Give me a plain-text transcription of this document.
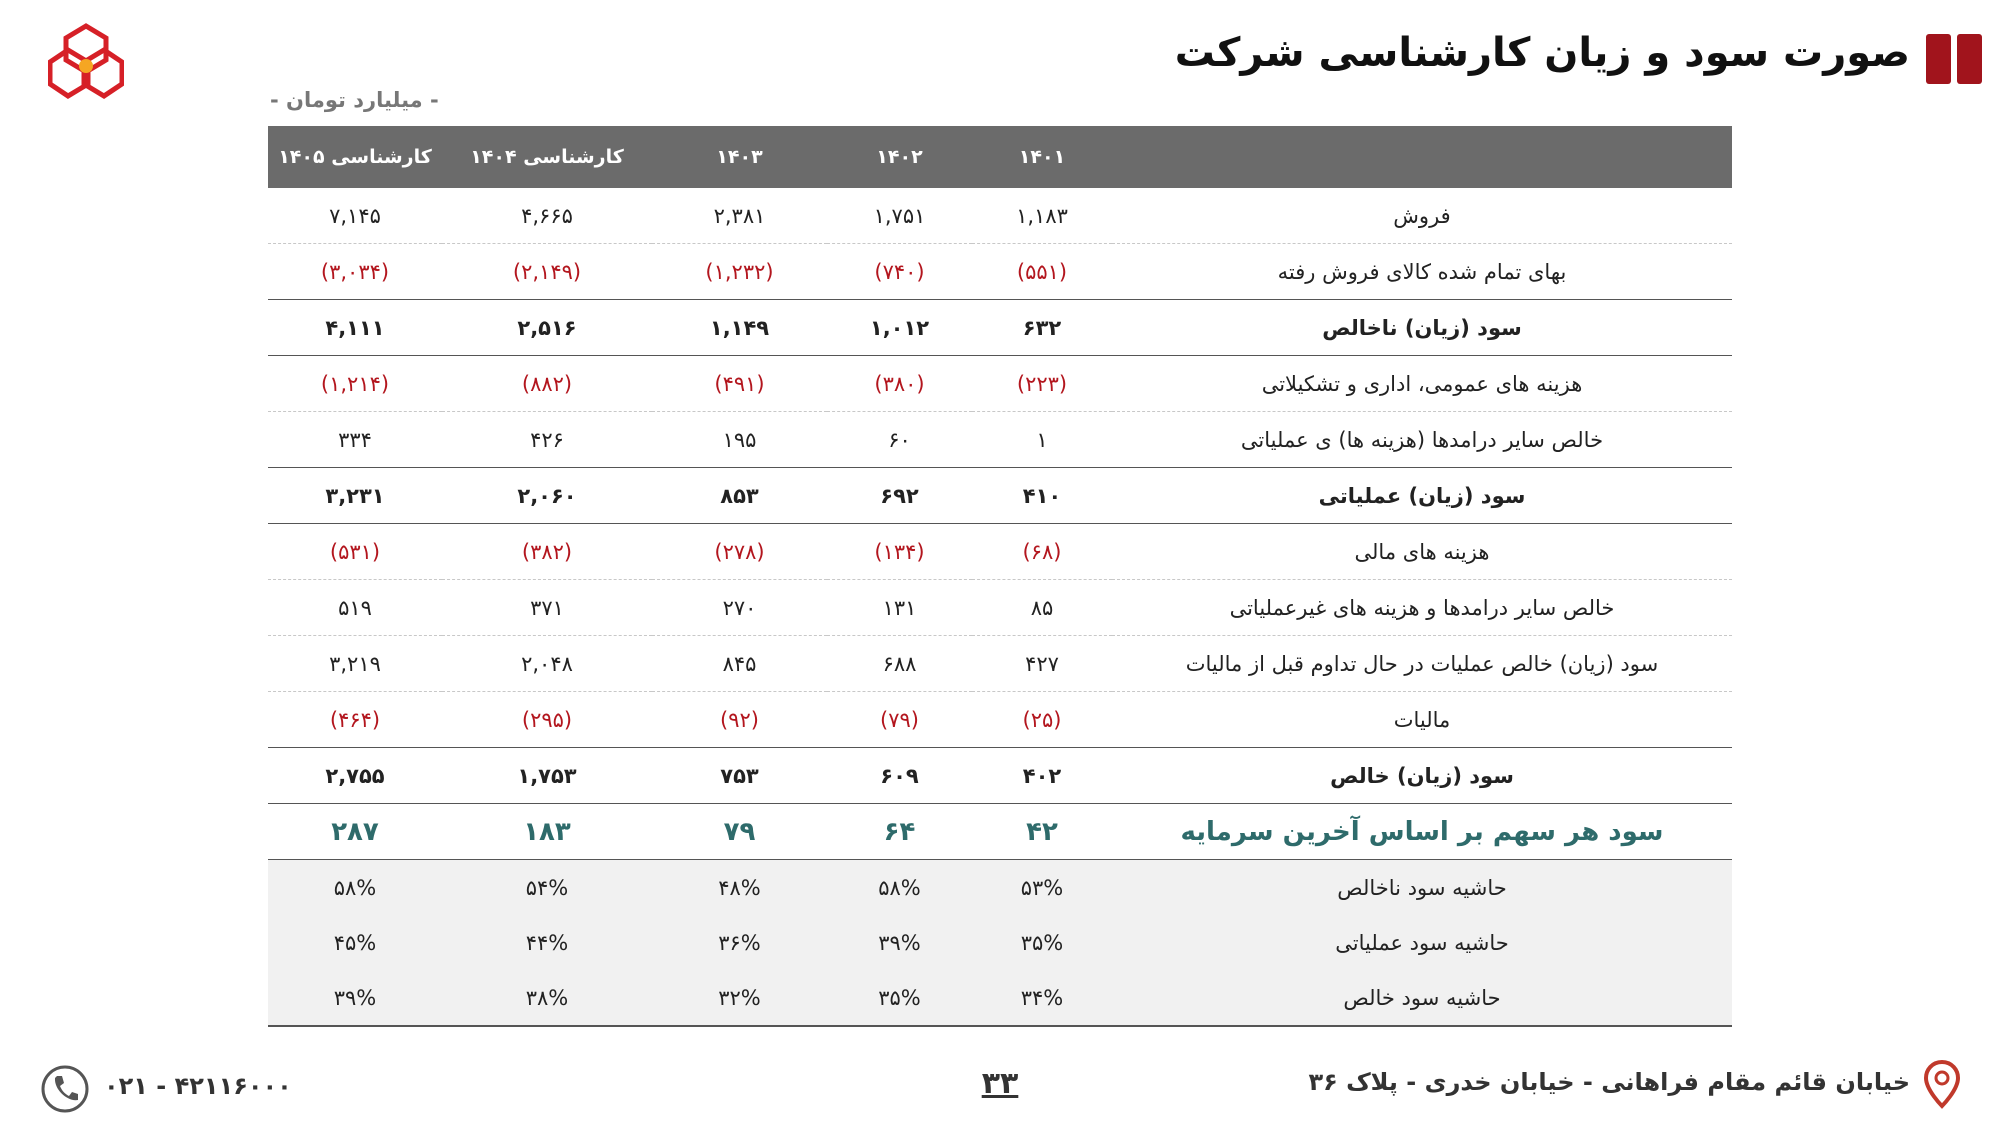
صورت سود و زیان کارشناسی شرکت
- میلیارد تومان -
	۱۴۰۱	۱۴۰۲	۱۴۰۳	کارشناسی ۱۴۰۴	کارشناسی ۱۴۰۵
فروش	۱,۱۸۳	۱,۷۵۱	۲,۳۸۱	۴,۶۶۵	۷,۱۴۵
بهای تمام شده کالای فروش رفته	(۵۵۱)	(۷۴۰)	(۱,۲۳۲)	(۲,۱۴۹)	(۳,۰۳۴)
سود (زیان) ناخالص	۶۳۲	۱,۰۱۲	۱,۱۴۹	۲,۵۱۶	۴,۱۱۱
هزینه های عمومی، اداری و تشکیلاتی	(۲۲۳)	(۳۸۰)	(۴۹۱)	(۸۸۲)	(۱,۲۱۴)
خالص سایر درامدها (هزینه ها) ی عملیاتی	۱	۶۰	۱۹۵	۴۲۶	۳۳۴
سود (زیان) عملیاتی	۴۱۰	۶۹۲	۸۵۳	۲,۰۶۰	۳,۲۳۱
هزینه های مالی	(۶۸)	(۱۳۴)	(۲۷۸)	(۳۸۲)	(۵۳۱)
خالص سایر درامدها و هزینه های غیرعملیاتی	۸۵	۱۳۱	۲۷۰	۳۷۱	۵۱۹
سود (زیان) خالص عملیات در حال تداوم قبل از مالیات	۴۲۷	۶۸۸	۸۴۵	۲,۰۴۸	۳,۲۱۹
مالیات	(۲۵)	(۷۹)	(۹۲)	(۲۹۵)	(۴۶۴)
سود (زیان) خالص	۴۰۲	۶۰۹	۷۵۳	۱,۷۵۳	۲,۷۵۵
سود هر سهم بر اساس آخرین سرمایه	۴۲	۶۴	۷۹	۱۸۳	۲۸۷
حاشیه سود ناخالص	۵۳%	۵۸%	۴۸%	۵۴%	۵۸%
حاشیه سود عملیاتی	۳۵%	۳۹%	۳۶%	۴۴%	۴۵%
حاشیه سود خالص	۳۴%	۳۵%	۳۲%	۳۸%	۳۹%
خیابان قائم مقام فراهانی - خیابان خدری - پلاک ۳۶
۳۳
۰۲۱ - ۴۲۱۱۶۰۰۰
